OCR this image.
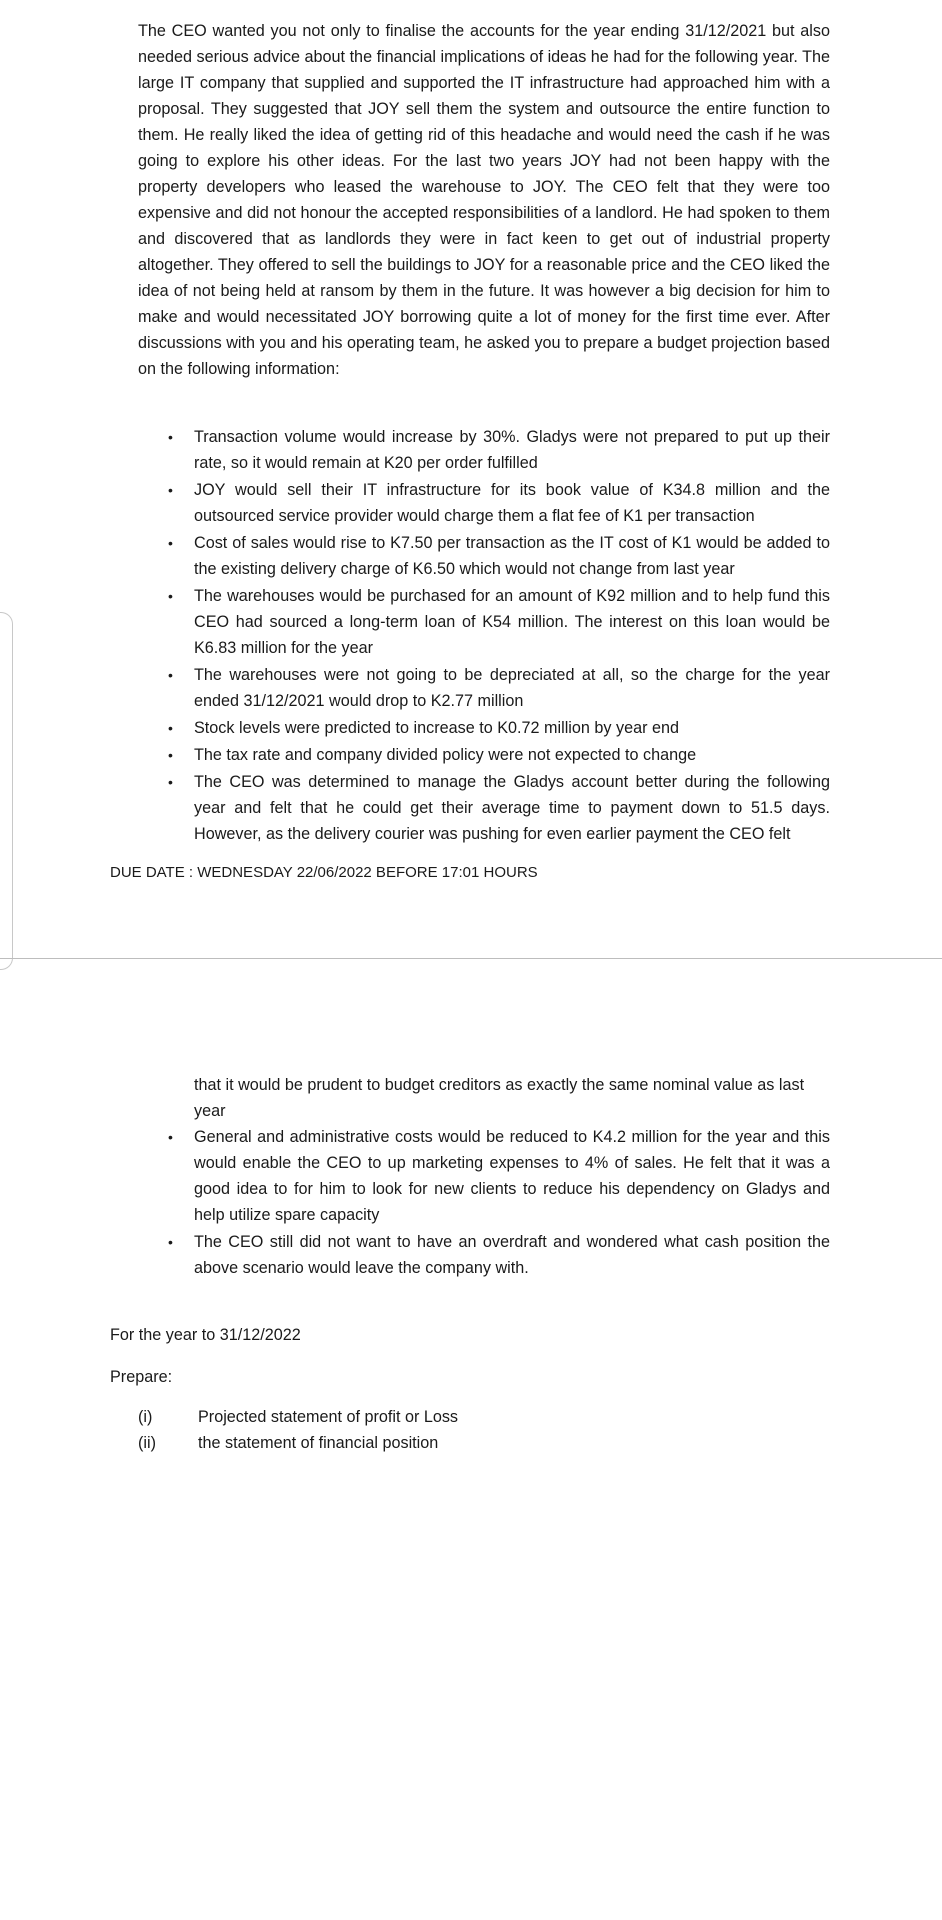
The CEO wanted you not only to finalise the accounts for the year ending 31/12/2021 but also needed serious advice about the financial implications of ideas he had for the following year. The large IT company that supplied and supported the IT infrastructure had approached him with a proposal. They suggested that JOY sell them the system and outsource the entire function to them. He really liked the idea of getting rid of this headache and would need the cash if he was going to explore his other ideas. For the last two years JOY had not been happy with the property developers who leased the warehouse to JOY. The CEO felt that they were too expensive and did not honour the accepted responsibilities of a landlord. He had spoken to them and discovered that as landlords they were in fact keen to get out of industrial property altogether. They offered to sell the buildings to JOY for a reasonable price and the CEO liked the idea of not being held at ransom by them in the future. It was however a big decision for him to make and would necessitated JOY borrowing quite a lot of money for the first time ever. After discussions with you and his operating team, he asked you to prepare a budget projection based on the following information:

• Transaction volume would increase by 30%. Gladys were not prepared to put up their rate, so it would remain at K20 per order fulfilled
• JOY would sell their IT infrastructure for its book value of K34.8 million and the outsourced service provider would charge them a flat fee of K1 per transaction
• Cost of sales would rise to K7.50 per transaction as the IT cost of K1 would be added to the existing delivery charge of K6.50 which would not change from last year
• The warehouses would be purchased for an amount of K92 million and to help fund this CEO had sourced a long-term loan of K54 million. The interest on this loan would be K6.83 million for the year
• The warehouses were not going to be depreciated at all, so the charge for the year ended 31/12/2021 would drop to K2.77 million
• Stock levels were predicted to increase to K0.72 million by year end
• The tax rate and company divided policy were not expected to change
• The CEO was determined to manage the Gladys account better during the following year and felt that he could get their average time to payment down to 51.5 days. However, as the delivery courier was pushing for even earlier payment the CEO felt

DUE DATE : WEDNESDAY 22/06/2022 BEFORE 17:01 HOURS

that it would be prudent to budget creditors as exactly the same nominal value as last year

• General and administrative costs would be reduced to K4.2 million for the year and this would enable the CEO to up marketing expenses to 4% of sales. He felt that it was a good idea to for him to look for new clients to reduce his dependency on Gladys and help utilize spare capacity
• The CEO still did not want to have an overdraft and wondered what cash position the above scenario would leave the company with.

For the year to 31/12/2022

Prepare:

(i)	Projected statement of profit or Loss
(ii)	the statement of financial position
